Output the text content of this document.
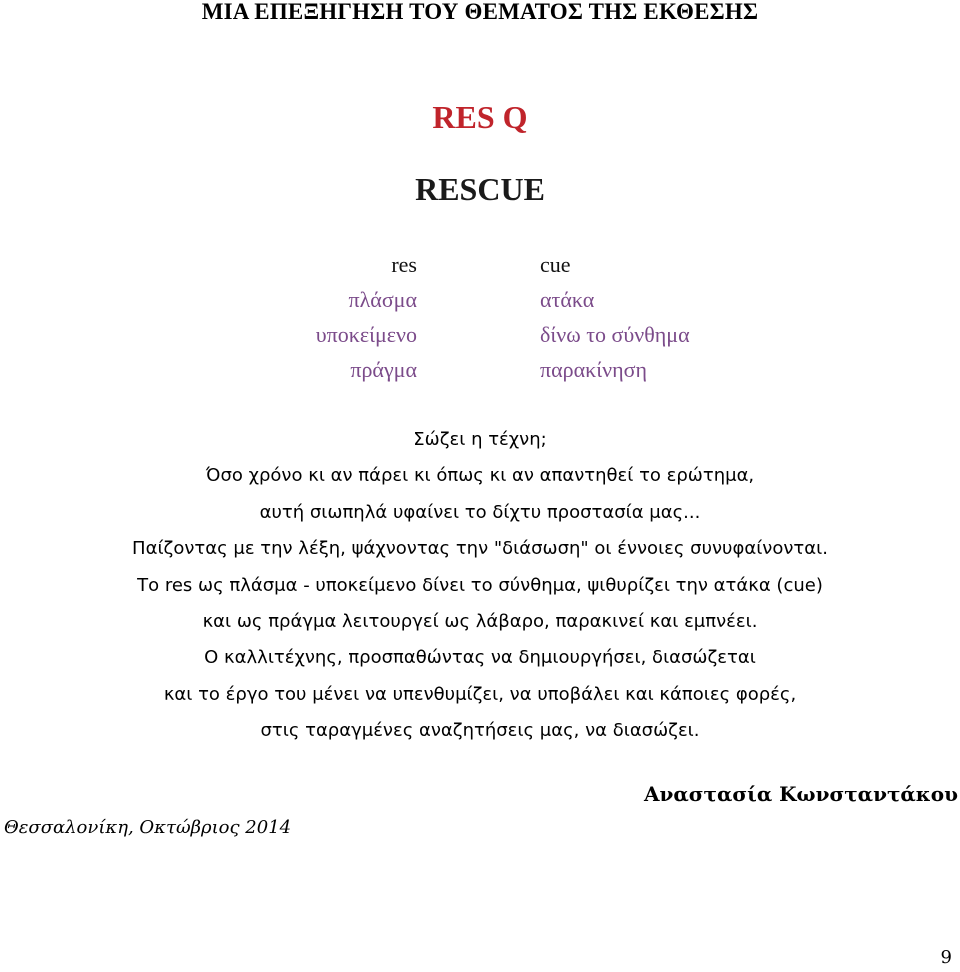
ΜΙΑ ΕΠΕΞΗΓΗΣΗ ΤΟΥ ΘΕΜΑΤΟΣ ΤΗΣ ΕΚΘΕΣΗΣ
RES Q
RESCUE
res
πλάσμα
υποκείμενο
πράγμα
cue
ατάκα
δίνω το σύνθημα
παρακίνηση
Σώζει η τέχνη;
Όσο χρόνο κι αν πάρει κι όπως κι αν απαντηθεί το ερώτημα,
αυτή σιωπηλά υφαίνει το δίχτυ προστασία μας...
Παίζοντας με την λέξη, ψάχνοντας την "διάσωση" οι έννοιες συνυφαίνονται.
Το res ως πλάσμα - υποκείμενο δίνει το σύνθημα, ψιθυρίζει την ατάκα (cue)
και ως πράγμα λειτουργεί ως λάβαρο, παρακινεί και εμπνέει.
Ο καλλιτέχνης, προσπαθώντας να δημιουργήσει, διασώζεται
και το έργο του μένει να υπενθυμίζει, να υποβάλει και κάποιες φορές,
στις ταραγμένες αναζητήσεις μας, να διασώζει.
Αναστασία Κωνσταντάκου
Θεσσαλονίκη, Οκτώβριος 2014
9
